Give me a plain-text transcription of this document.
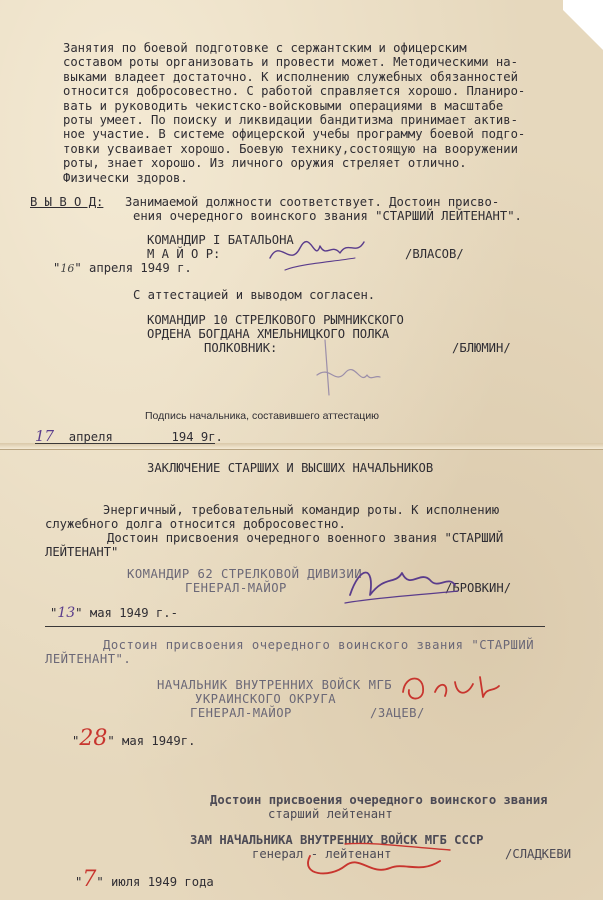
Занятия по боевой подготовке с сержантским и офицерским
составом роты организовать и провести может. Методическими на-
выками владеет достаточно. К исполнению служебных обязанностей
относится добросовестно. С работой справляется хорошо. Планиро-
вать и руководить чекистско-войсковыми операциями в масштабе
роты умеет. По поиску и ликвидации бандитизма принимает актив-
ное участие. В системе офицерской учебы программу боевой подго-
товки усваивает хорошо. Боевую технику,состоящую на вооружении
роты, знает хорошо. Из личного оружия стреляет отлично.
Физически здоров.
В Ы В О Д: Занимаемой должности соответствует. Достоин присво-
ения очередного воинского звания "СТАРШИЙ ЛЕЙТЕНАНТ".
КОМАНДИР I БАТАЛЬОНА
М А Й О Р:	/ВЛАСОВ/
"16" апреля 1949 г.
С аттестацией и выводом согласен.
КОМАНДИР 10 СТРЕЛКОВОГО РЫМНИКСКОГО
ОРДЕНА БОГДАНА ХМЕЛЬНИЦКОГО ПОЛКА
ПОЛКОВНИК:	/БЛЮМИН/
Подпись начальника, составившего аттестацию
17 апреля	194 9г.
ЗАКЛЮЧЕНИЕ СТАРШИХ И ВЫСШИХ НАЧАЛЬНИКОВ
Энергичный, требовательный командир роты. К исполнению
служебного долга относится добросовестно.
Достоин присвоения очередного военного звания "СТАРШИЙ
ЛЕЙТЕНАНТ"
КОМАНДИР 62 СТРЕЛКОВОЙ ДИВИЗИИ
ГЕНЕРАЛ-МАЙОР	/БРОВКИН/
"13" мая 1949 г.-
Достоин присвоения очередного воинского звания "СТАРШИЙ
ЛЕЙТЕНАНТ".
НАЧАЛЬНИК ВНУТРЕННИХ ВОЙСК МГБ
УКРАИНСКОГО ОКРУГА
ГЕНЕРАЛ-МАЙОР	/ЗАЦЕВ/
"28" мая 1949г.
Достоин присвоения очередного воинского звания
старший лейтенант
ЗАМ НАЧАЛЬНИКА ВНУТРЕННИХ ВОЙСК МГБ СССР
генерал - лейтенант	/СЛАДКЕВИ
"7" июля 1949 года
